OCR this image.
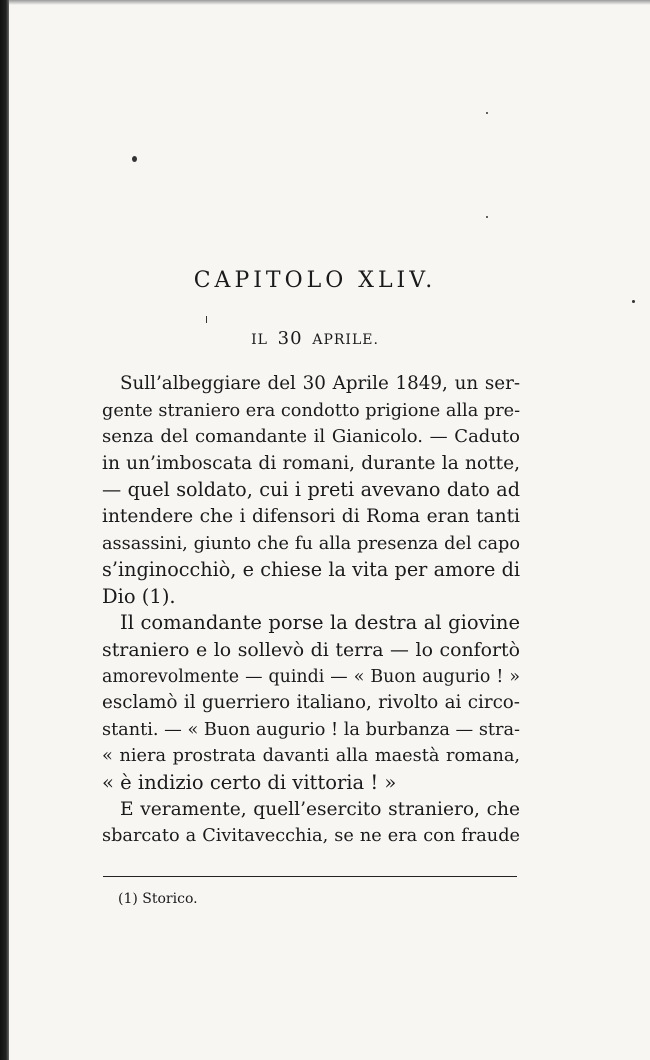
CAPITOLO XLIV.
IL 30 APRILE.
Sull’albeggiare del 30 Aprile 1849, un ser-
gente straniero era condotto prigione alla pre-
senza del comandante il Gianicolo. — Caduto
in un’imboscata di romani, durante la notte,
— quel soldato, cui i preti avevano dato ad
intendere che i difensori di Roma eran tanti
assassini, giunto che fu alla presenza del capo
s’inginocchiò, e chiese la vita per amore di
Dio (1).
Il comandante porse la destra al giovine
straniero e lo sollevò di terra — lo confortò
amorevolmente — quindi — « Buon augurio ! »
esclamò il guerriero italiano, rivolto ai circo-
stanti. — « Buon augurio ! la burbanza — stra-
« niera prostrata davanti alla maestà romana,
« è indizio certo di vittoria ! »
E veramente, quell’esercito straniero, che
sbarcato a Civitavecchia, se ne era con fraude
(1) Storico.
